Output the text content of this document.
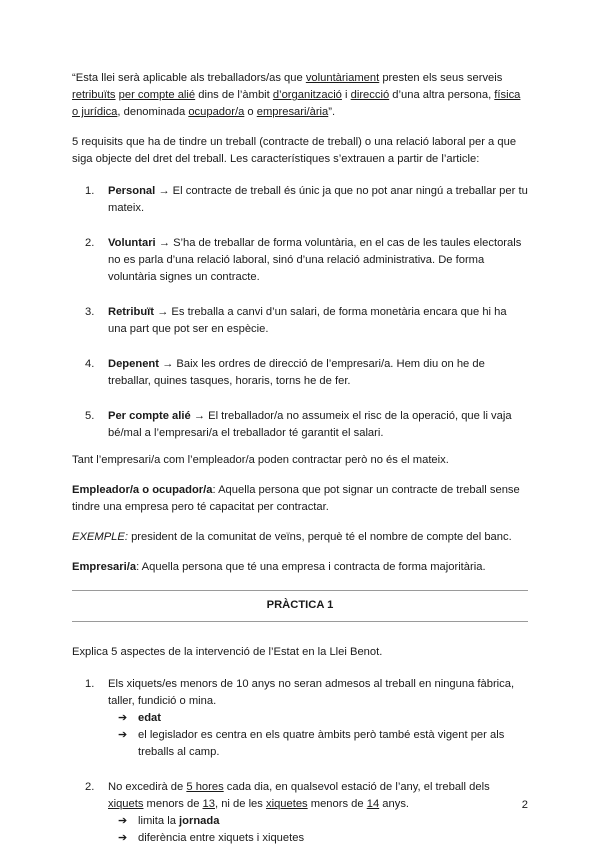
“Esta llei serà aplicable als treballadors/as que voluntàriament presten els seus serveis retribuïts per compte alié dins de l’àmbit d’organització i direcció d’una altra persona, física o jurídica, denominada ocupador/a o empresari/ària”.

5 requisits que ha de tindre un treball (contracte de treball) o una relació laboral per a que siga objecte del dret del treball. Les característiques s’extrauen a partir de l’article:

1. Personal → El contracte de treball és únic ja que no pot anar ningú a treballar per tu mateix.
2. Voluntari → S’ha de treballar de forma voluntària, en el cas de les taules electorals no es parla d’una relació laboral, sinó d’una relació administrativa. De forma voluntària signes un contracte.
3. Retribuït → Es treballa a canvi d’un salari, de forma monetària encara que hi ha una part que pot ser en espècie.
4. Depenent → Baix les ordres de direcció de l’empresari/a. Hem diu on he de treballar, quines tasques, horaris, torns he de fer.
5. Per compte alié → El treballador/a no assumeix el risc de la operació, que li vaja bé/mal a l’empresari/a el treballador té garantit el salari.

Tant l’empresari/a com l’empleador/a poden contractar però no és el mateix.

Empleador/a o ocupador/a: Aquella persona que pot signar un contracte de treball sense tindre una empresa pero té capacitat per contractar.

EXEMPLE: president de la comunitat de veïns, perquè té el nombre de compte del banc.

Empresari/a: Aquella persona que té una empresa i contracta de forma majoritària.

PRÀCTICA 1

Explica 5 aspectes de la intervenció de l’Estat en la Llei Benot.

1. Els xiquets/es menors de 10 anys no seran admesos al treball en ninguna fàbrica, taller, fundició o mina.
➔ edat
➔ el legislador es centra en els quatre àmbits però també està vigent per als treballs al camp.
2. No excedirà de 5 hores cada dia, en qualsevol estació de l’any, el treball dels xiquets menors de 13, ni de les xiquetes menors de 14 anys.
➔ limita la jornada
➔ diferència entre xiquets i xiquetes
2
